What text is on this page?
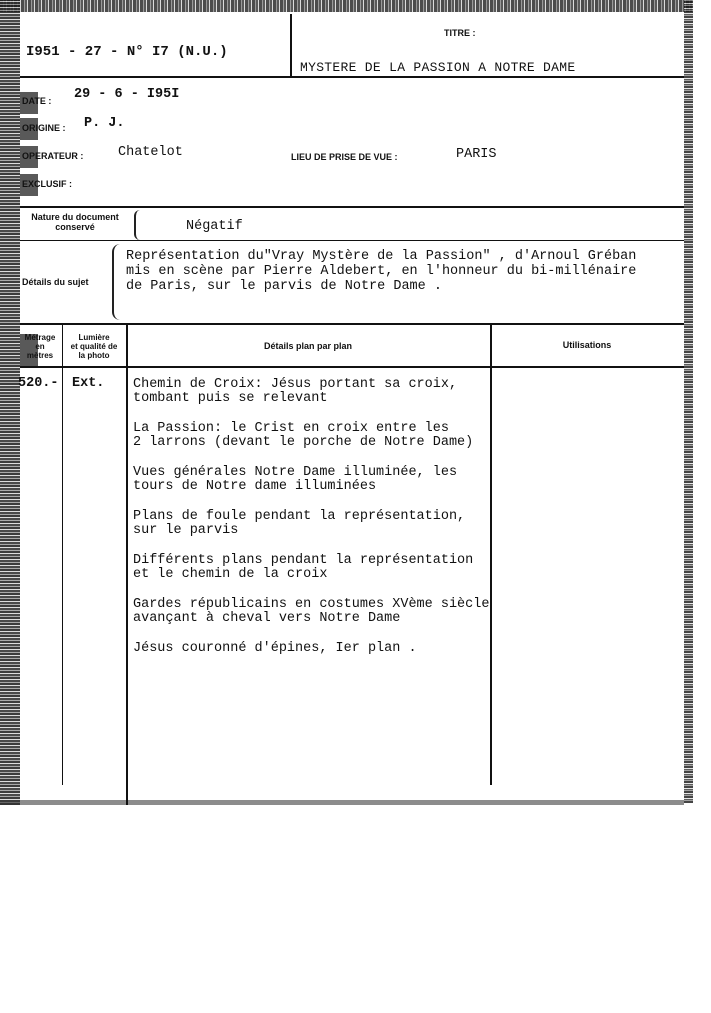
I951 - 27 - N° I7 (N.U.)
TITRE :
MYSTERE DE LA PASSION A NOTRE DAME
DATE : 29 - 6 - I95I
ORIGINE : P. J.
OPERATEUR :	Chatelot	LIEU DE PRISE DE VUE :	PARIS
EXCLUSIF :
Nature du document
conservé	Négatif
Détails du sujet
Représentation du"Vray Mystère de la Passion" , d'Arnoul Gréban
mis en scène par Pierre Aldebert, en l'honneur du bi-millénaire
de Paris, sur le parvis de Notre Dame .
Métrage
en
mètres
Lumière
et qualité de
la photo
Détails plan par plan	Utilisations
520.- Ext. Chemin de Croix: Jésus portant sa croix,
tombant puis se relevant
La Passion: le Crist en croix entre les
2 larrons (devant le porche de Notre Dame)
Vues générales Notre Dame illuminée, les
tours de Notre dame illuminées
Plans de foule pendant la représentation,
sur le parvis
Différents plans pendant la représentation
et le chemin de la croix
Gardes républicains en costumes XVème siècle
avançant à cheval vers Notre Dame
Jésus couronné d'épines, Ier plan .
